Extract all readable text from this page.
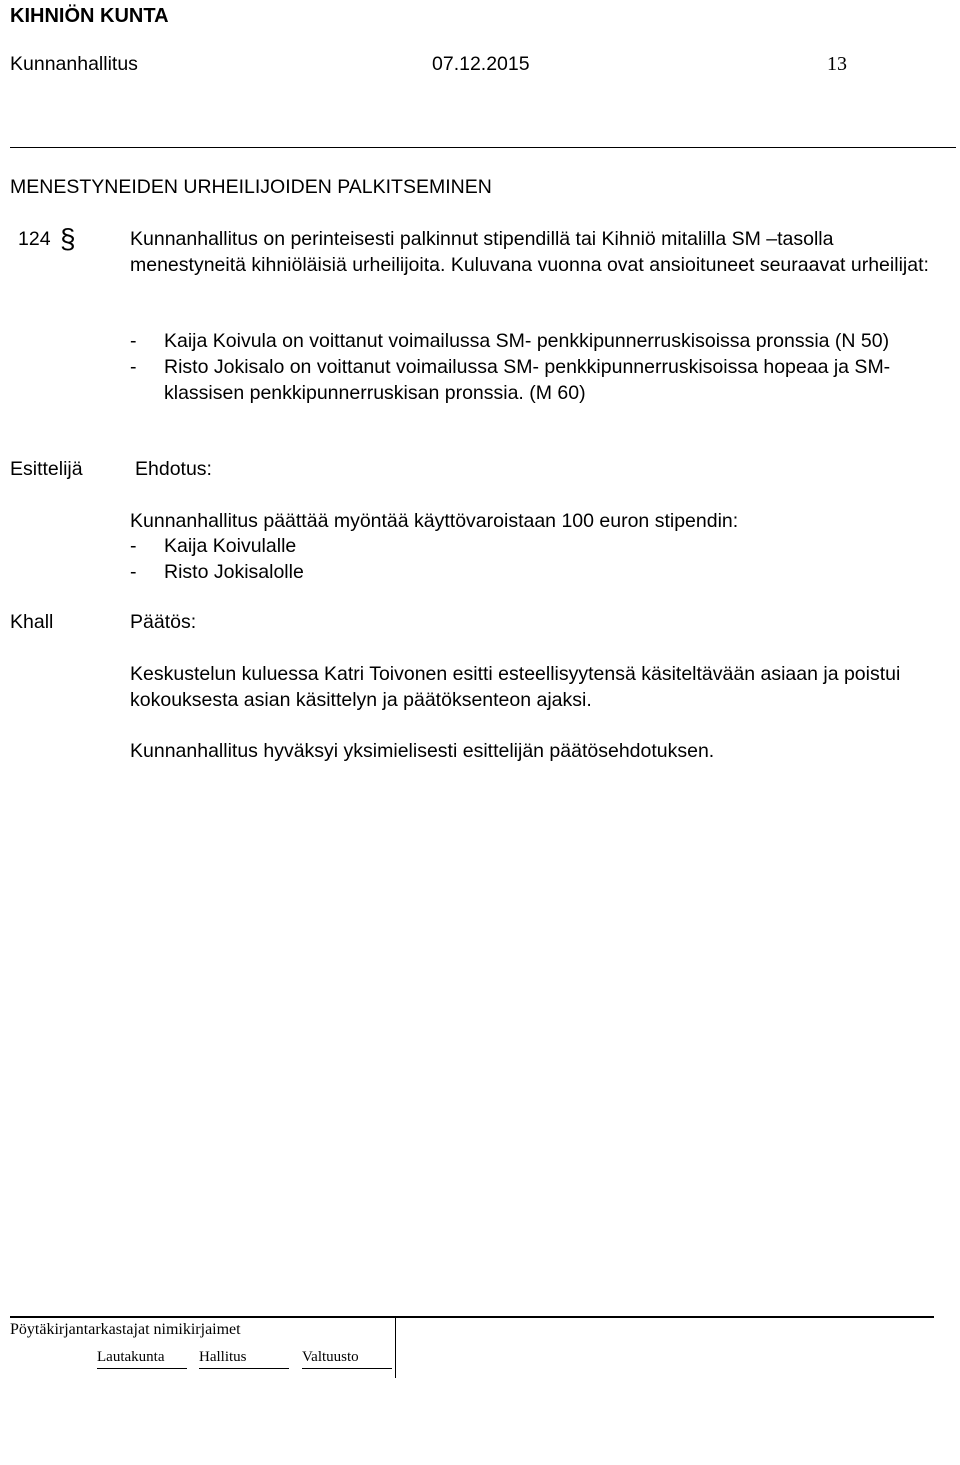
KIHNIÖN KUNTA
Kunnanhallitus	07.12.2015	13
MENESTYNEIDEN URHEILIJOIDEN PALKITSEMINEN
124 §	Kunnanhallitus on perinteisesti palkinnut stipendillä tai Kihniö mitalilla SM –tasolla menestyneitä kihniöläisiä urheilijoita. Kuluvana vuonna ovat ansioituneet seuraavat urheilijat:
- Kaija Koivula on voittanut voimailussa SM- penkkipunnerruskisoissa pronssia (N 50)
- Risto Jokisalo on voittanut voimailussa SM- penkkipunnerruskisoissa hopeaa ja SM- klassisen penkkipunnerruskisan pronssia. (M 60)
Esittelijä	Ehdotus:
Kunnanhallitus päättää myöntää käyttövaroistaan 100 euron stipendin:
- Kaija Koivulalle
- Risto Jokisalolle
Khall	Päätös:
Keskustelun kuluessa Katri Toivonen esitti esteellisyytensä käsiteltävään asiaan ja poistui kokouksesta asian käsittelyn ja päätöksenteon ajaksi.
Kunnanhallitus hyväksyi yksimielisesti esittelijän päätösehdotuksen.
Pöytäkirjantarkastajat nimikirjaimet
Lautakunta Hallitus	Valtuusto
